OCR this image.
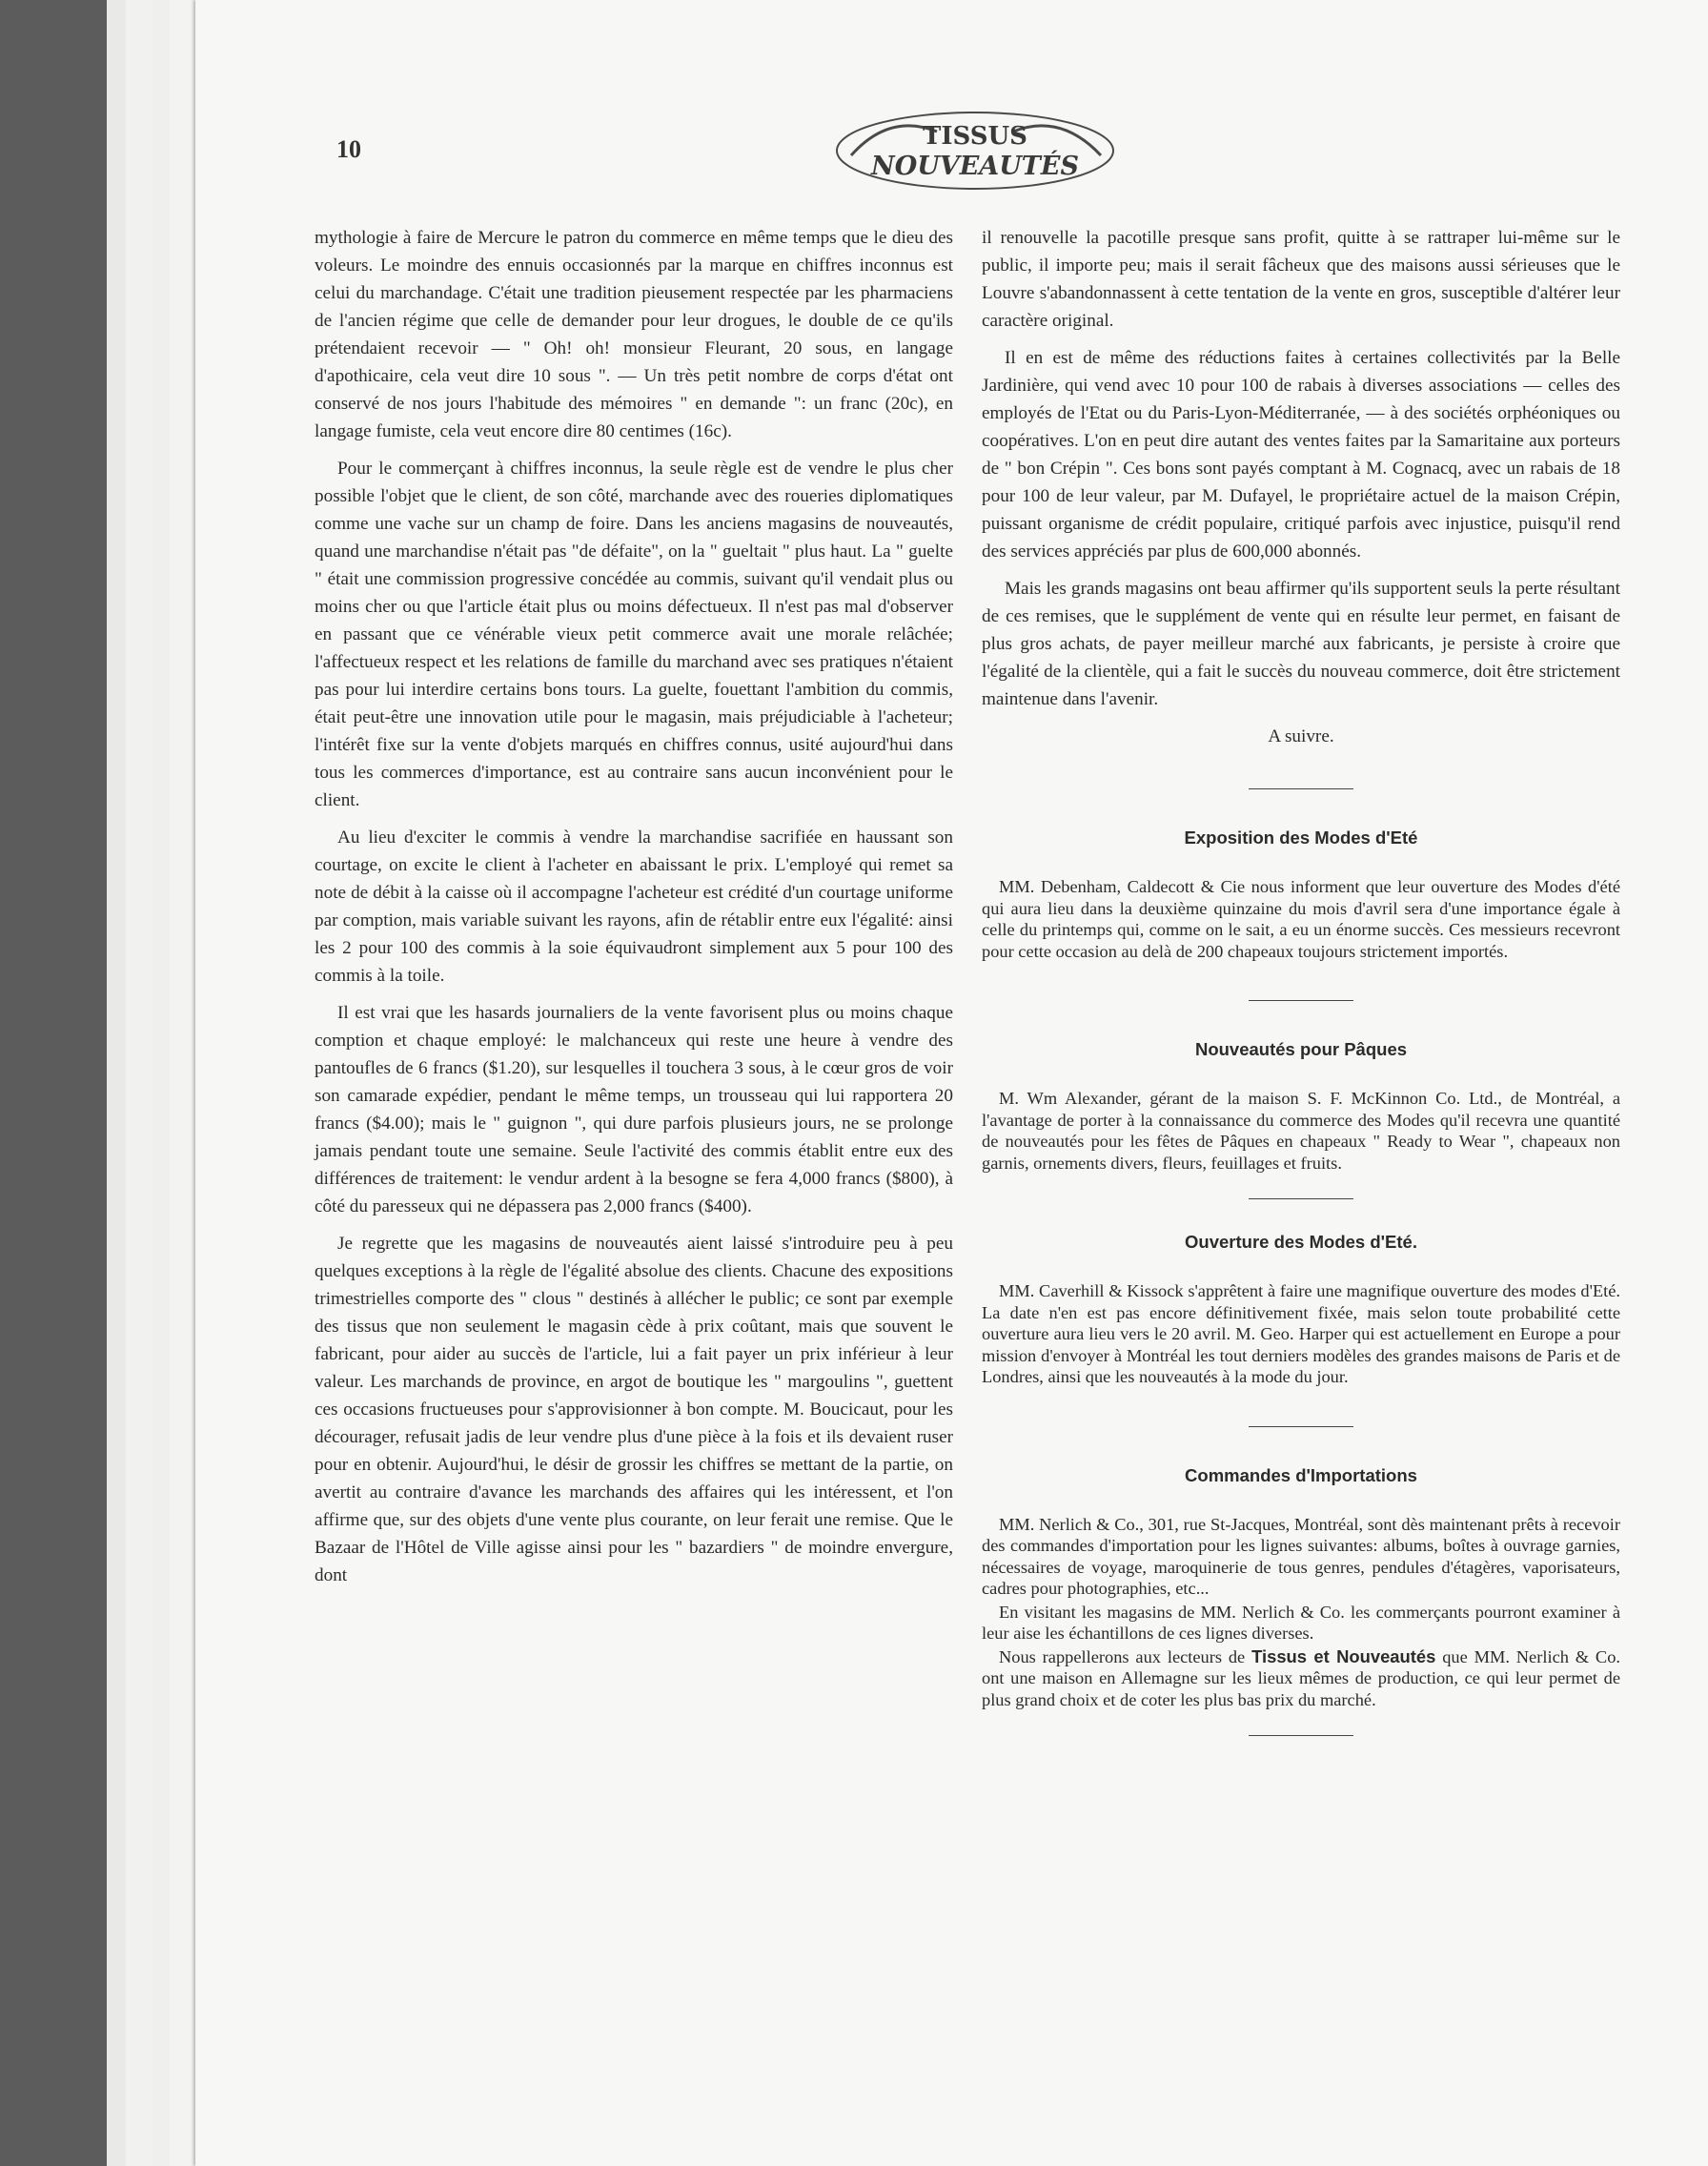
10	TISSUS
NOUVEAUTÉS

mythologie à faire de Mercure le patron du commerce en même temps que le dieu des voleurs. Le moindre des ennuis occasionnés par la marque en chiffres inconnus est celui du marchandage. C'était une tradition pieusement respectée par les pharmaciens de l'ancien régime que celle de demander pour leur drogues, le double de ce qu'ils prétendaient recevoir — " Oh! oh! monsieur Fleurant, 20 sous, en langage d'apothicaire, cela veut dire 10 sous ". — Un très petit nombre de corps d'état ont conservé de nos jours l'habitude des mémoires " en demande ": un franc (20c), en langage fumiste, cela veut encore dire 80 centimes (16c).

Pour le commerçant à chiffres inconnus, la seule règle est de vendre le plus cher possible l'objet que le client, de son côté, marchande avec des roueries diplomatiques comme une vache sur un champ de foire. Dans les anciens magasins de nouveautés, quand une marchandise n'était pas "de défaite", on la " gueltait " plus haut. La " guelte " était une commission progressive concédée au commis, suivant qu'il vendait plus ou moins cher ou que l'article était plus ou moins défectueux. Il n'est pas mal d'observer en passant que ce vénérable vieux petit commerce avait une morale relâchée; l'affectueux respect et les relations de famille du marchand avec ses pratiques n'étaient pas pour lui interdire certains bons tours. La guelte, fouettant l'ambition du commis, était peut-être une innovation utile pour le magasin, mais préjudiciable à l'acheteur; l'intérêt fixe sur la vente d'objets marqués en chiffres connus, usité aujourd'hui dans tous les commerces d'importance, est au contraire sans aucun inconvénient pour le client.

Au lieu d'exciter le commis à vendre la marchandise sacrifiée en haussant son courtage, on excite le client à l'acheter en abaissant le prix. L'employé qui remet sa note de débit à la caisse où il accompagne l'acheteur est crédité d'un courtage uniforme par comption, mais variable suivant les rayons, afin de rétablir entre eux l'égalité: ainsi les 2 pour 100 des commis à la soie équivaudront simplement aux 5 pour 100 des commis à la toile.

Il est vrai que les hasards journaliers de la vente favorisent plus ou moins chaque comption et chaque employé: le malchanceux qui reste une heure à vendre des pantoufles de 6 francs ($1.20), sur lesquelles il touchera 3 sous, à le cœur gros de voir son camarade expédier, pendant le même temps, un trousseau qui lui rapportera 20 francs ($4.00); mais le " guignon ", qui dure parfois plusieurs jours, ne se prolonge jamais pendant toute une semaine. Seule l'activité des commis établit entre eux des différences de traitement: le vendur ardent à la besogne se fera 4,000 francs ($800), à côté du paresseux qui ne dépassera pas 2,000 francs ($400).

Je regrette que les magasins de nouveautés aient laissé s'introduire peu à peu quelques exceptions à la règle de l'égalité absolue des clients. Chacune des expositions trimestrielles comporte des " clous " destinés à allécher le public; ce sont par exemple des tissus que non seulement le magasin cède à prix coûtant, mais que souvent le fabricant, pour aider au succès de l'article, lui a fait payer un prix inférieur à leur valeur. Les marchands de province, en argot de boutique les " margoulins ", guettent ces occasions fructueuses pour s'approvisionner à bon compte. M. Boucicaut, pour les décourager, refusait jadis de leur vendre plus d'une pièce à la fois et ils devaient ruser pour en obtenir. Aujourd'hui, le désir de grossir les chiffres se mettant de la partie, on avertit au contraire d'avance les marchands des affaires qui les intéressent, et l'on affirme que, sur des objets d'une vente plus courante, on leur ferait une remise. Que le Bazaar de l'Hôtel de Ville agisse ainsi pour les " bazardiers " de moindre envergure, dont

il renouvelle la pacotille presque sans profit, quitte à se rattraper lui-même sur le public, il importe peu; mais il serait fâcheux que des maisons aussi sérieuses que le Louvre s'abandonnassent à cette tentation de la vente en gros, susceptible d'altérer leur caractère original.

Il en est de même des réductions faites à certaines collectivités par la Belle Jardinière, qui vend avec 10 pour 100 de rabais à diverses associations — celles des employés de l'Etat ou du Paris-Lyon-Méditerranée, — à des sociétés orphéoniques ou coopératives. L'on en peut dire autant des ventes faites par la Samaritaine aux porteurs de " bon Crépin ". Ces bons sont payés comptant à M. Cognacq, avec un rabais de 18 pour 100 de leur valeur, par M. Dufayel, le propriétaire actuel de la maison Crépin, puissant organisme de crédit populaire, critiqué parfois avec injustice, puisqu'il rend des services appréciés par plus de 600,000 abonnés.

Mais les grands magasins ont beau affirmer qu'ils supportent seuls la perte résultant de ces remises, que le supplément de vente qui en résulte leur permet, en faisant de plus gros achats, de payer meilleur marché aux fabricants, je persiste à croire que l'égalité de la clientèle, qui a fait le succès du nouveau commerce, doit être strictement maintenue dans l'avenir.

A suivre.

Exposition des Modes d'Eté

MM. Debenham, Caldecott & Cie nous informent que leur ouverture des Modes d'été qui aura lieu dans la deuxième quinzaine du mois d'avril sera d'une importance égale à celle du printemps qui, comme on le sait, a eu un énorme succès. Ces messieurs recevront pour cette occasion au delà de 200 chapeaux toujours strictement importés.

Nouveautés pour Pâques

M. Wm Alexander, gérant de la maison S. F. McKinnon Co. Ltd., de Montréal, a l'avantage de porter à la connaissance du commerce des Modes qu'il recevra une quantité de nouveautés pour les fêtes de Pâques en chapeaux " Ready to Wear ", chapeaux non garnis, ornements divers, fleurs, feuillages et fruits.

Ouverture des Modes d'Eté.

MM. Caverhill & Kissock s'apprêtent à faire une magnifique ouverture des modes d'Eté. La date n'en est pas encore définitivement fixée, mais selon toute probabilité cette ouverture aura lieu vers le 20 avril. M. Geo. Harper qui est actuellement en Europe a pour mission d'envoyer à Montréal les tout derniers modèles des grandes maisons de Paris et de Londres, ainsi que les nouveautés à la mode du jour.

Commandes d'Importations

MM. Nerlich & Co., 301, rue St-Jacques, Montréal, sont dès maintenant prêts à recevoir des commandes d'importation pour les lignes suivantes: albums, boîtes à ouvrage garnies, nécessaires de voyage, maroquinerie de tous genres, pendules d'étagères, vaporisateurs, cadres pour photographies, etc...

En visitant les magasins de MM. Nerlich & Co. les commerçants pourront examiner à leur aise les échantillons de ces lignes diverses.

Nous rappellerons aux lecteurs de Tissus et Nouveautés que MM. Nerlich & Co. ont une maison en Allemagne sur les lieux mêmes de production, ce qui leur permet de plus grand choix et de coter les plus bas prix du marché.
